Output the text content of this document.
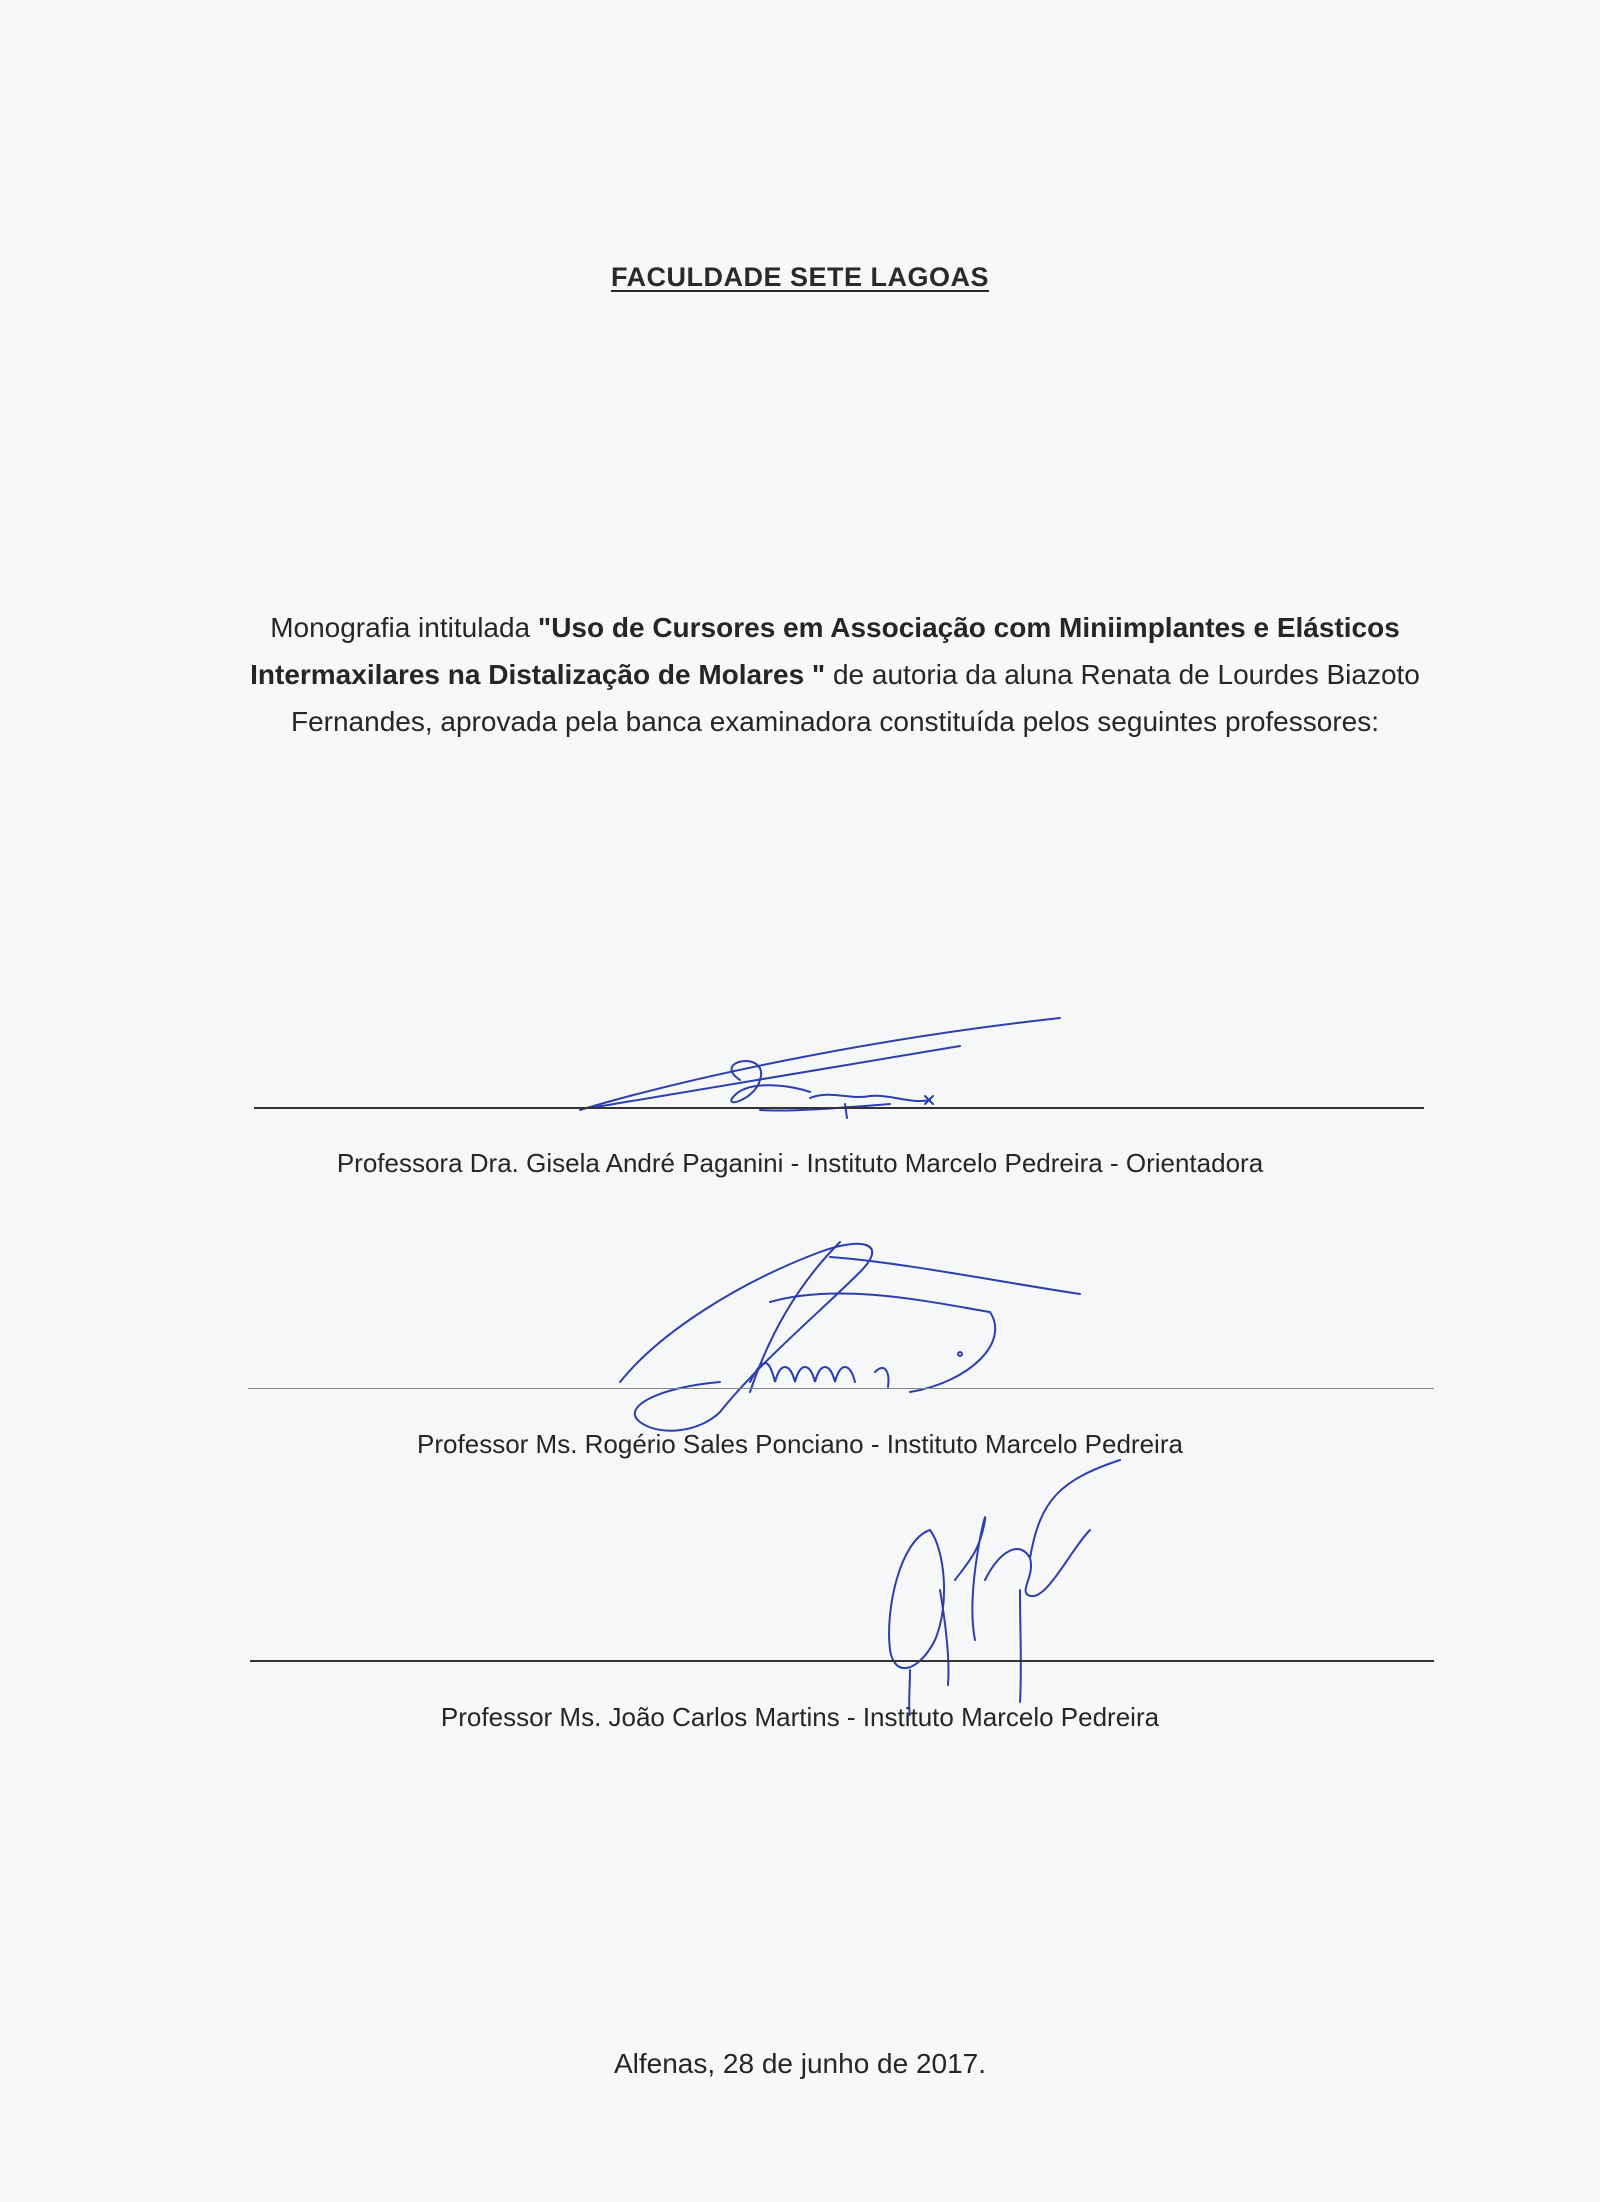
FACULDADE SETE LAGOAS
Monografia intitulada "Uso de Cursores em Associação com Miniimplantes e Elásticos Intermaxilares na Distalização de Molares " de autoria da aluna Renata de Lourdes Biazoto Fernandes, aprovada pela banca examinadora constituída pelos seguintes professores:
Professora Dra. Gisela André Paganini - Instituto Marcelo Pedreira - Orientadora
Professor Ms. Rogério Sales Ponciano - Instituto Marcelo Pedreira
Professor Ms. João Carlos Martins - Instituto Marcelo Pedreira
Alfenas, 28 de junho de 2017.
